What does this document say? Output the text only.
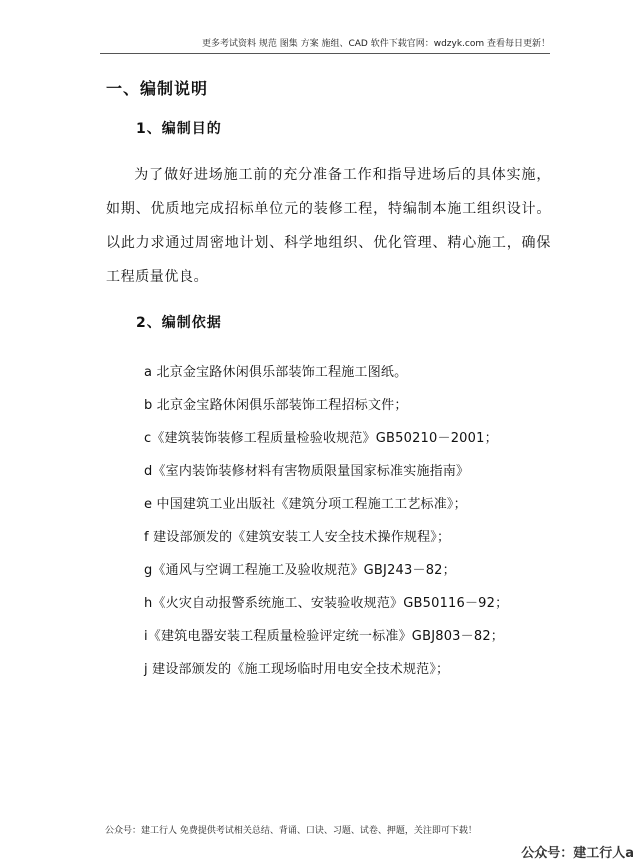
更多考试资料 规范 图集 方案 施组、CAD 软件下载官网：wdzyk.com 查看每日更新！
一、编制说明
1、编制目的
为了做好进场施工前的充分准备工作和指导进场后的具体实施，如期、优质地完成招标单位元的装修工程，特编制本施工组织设计。以此力求通过周密地计划、科学地组织、优化管理、精心施工，确保工程质量优良。
2、编制依据
a 北京金宝路休闲俱乐部装饰工程施工图纸。
b 北京金宝路休闲俱乐部装饰工程招标文件；
c《建筑装饰装修工程质量检验收规范》GB50210－2001；
d《室内装饰装修材料有害物质限量国家标准实施指南》
e 中国建筑工业出版社《建筑分项工程施工工艺标准》；
f 建设部颁发的《建筑安装工人安全技术操作规程》；
g《通风与空调工程施工及验收规范》GBJ243－82；
h《火灾自动报警系统施工、安装验收规范》GB50116－92；
i《建筑电器安装工程质量检验评定统一标准》GBJ803－82；
j 建设部颁发的《施工现场临时用电安全技术规范》；
公众号：建工行人 免费提供考试相关总结、背诵、口诀、习题、试卷、押题，关注即可下载！
公众号：建工行人a
